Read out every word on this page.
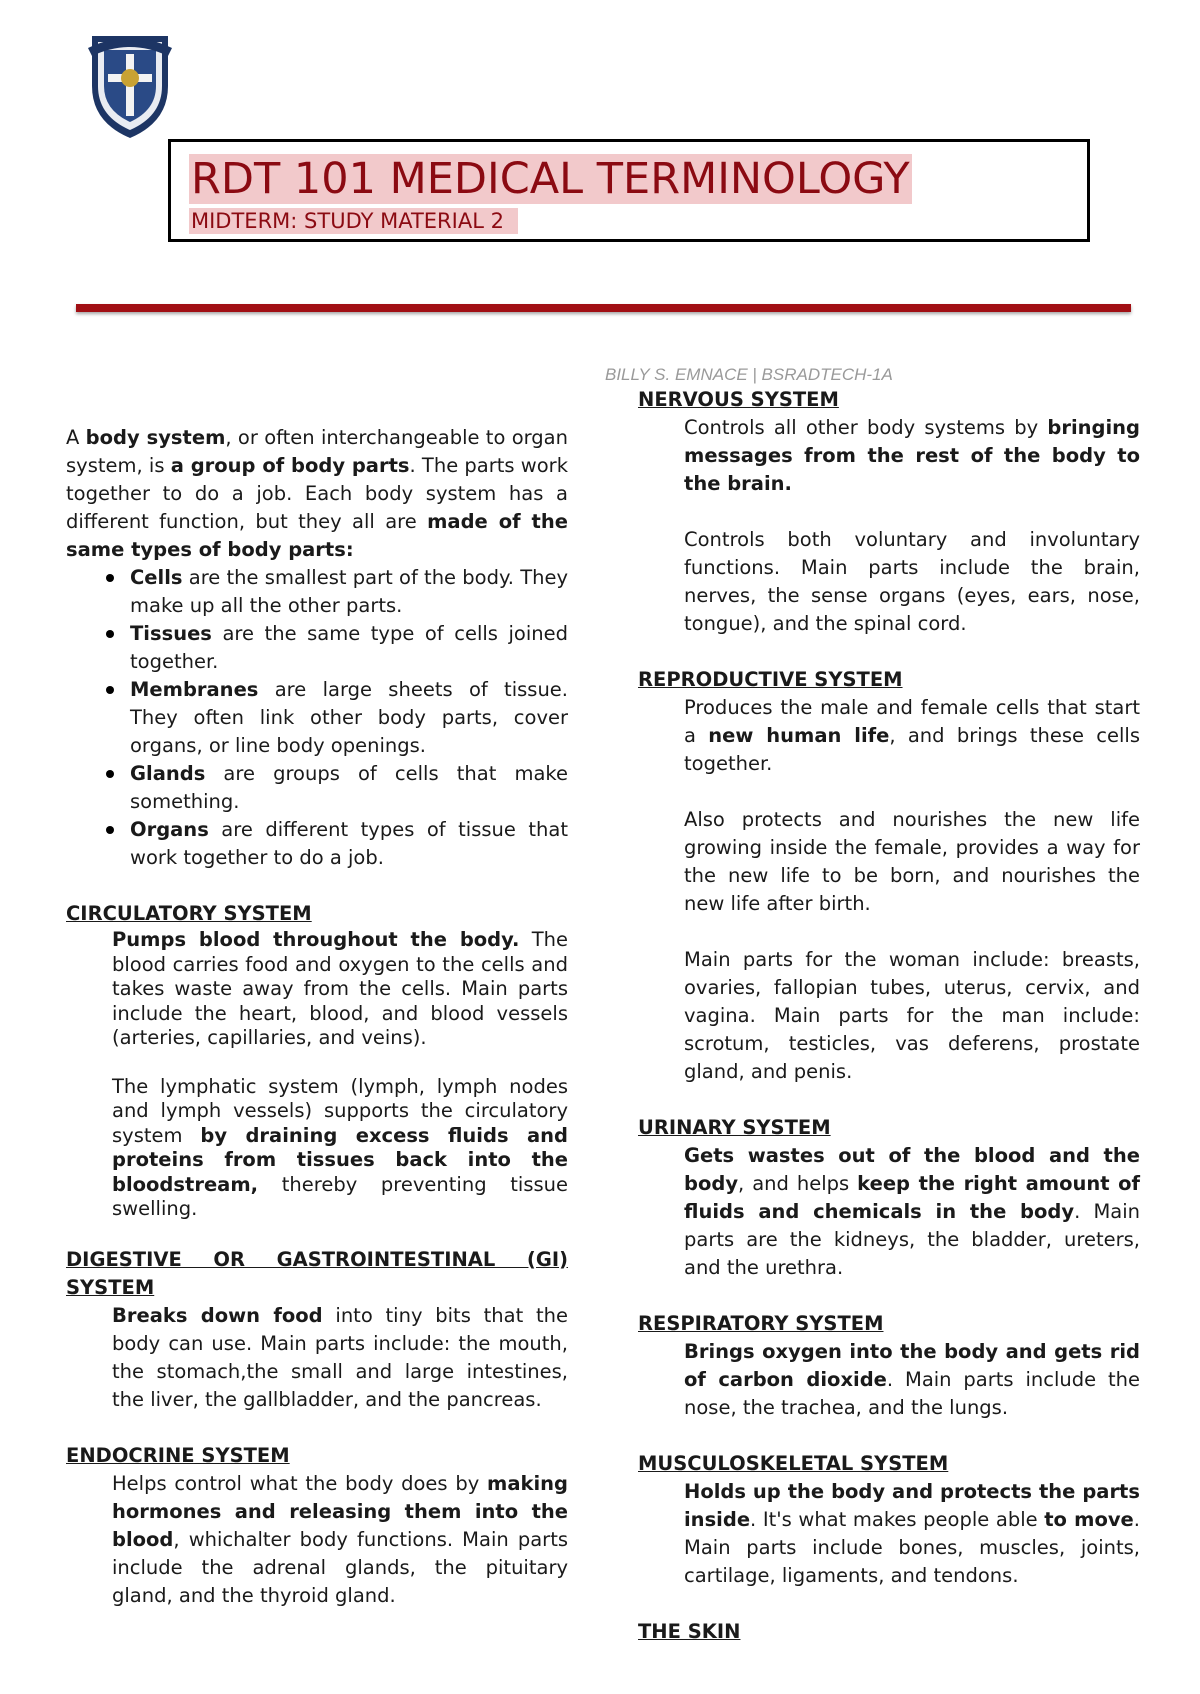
RDT 101 MEDICAL TERMINOLOGY
MIDTERM: STUDY MATERIAL 2
BILLY S. EMNACE | BSRADTECH-1A

A body system, or often interchangeable to organ system, is a group of body parts. The parts work together to do a job. Each body system has a different function, but they all are made of the same types of body parts:

Cells are the smallest part of the body. They make up all the other parts.
Tissues are the same type of cells joined together.
Membranes are large sheets of tissue. They often link other body parts, cover organs, or line body openings.
Glands are groups of cells that make something.
Organs are different types of tissue that work together to do a job.

CIRCULATORY SYSTEM

Pumps blood throughout the body. The blood carries food and oxygen to the cells and takes waste away from the cells. Main parts include the heart, blood, and blood vessels (arteries, capillaries, and veins).

The lymphatic system (lymph, lymph nodes and lymph vessels) supports the circulatory system by draining excess fluids and proteins from tissues back into the bloodstream, thereby preventing tissue swelling.

DIGESTIVE OR GASTROINTESTINAL (GI) SYSTEM

Breaks down food into tiny bits that the body can use. Main parts include: the mouth, the stomach,the small and large intestines, the liver, the gallbladder, and the pancreas.

ENDOCRINE SYSTEM

Helps control what the body does by making hormones and releasing them into the blood, whichalter body functions. Main parts include the adrenal glands, the pituitary gland, and the thyroid gland.

NERVOUS SYSTEM

Controls all other body systems by bringing messages from the rest of the body to the brain.

Controls both voluntary and involuntary functions. Main parts include the brain, nerves, the sense organs (eyes, ears, nose, tongue), and the spinal cord.

REPRODUCTIVE SYSTEM

Produces the male and female cells that start a new human life, and brings these cells together.

Also protects and nourishes the new life growing inside the female, provides a way for the new life to be born, and nourishes the new life after birth.

Main parts for the woman include: breasts, ovaries, fallopian tubes, uterus, cervix, and vagina. Main parts for the man include: scrotum, testicles, vas deferens, prostate gland, and penis.

URINARY SYSTEM

Gets wastes out of the blood and the body, and helps keep the right amount of fluids and chemicals in the body. Main parts are the kidneys, the bladder, ureters, and the urethra.

RESPIRATORY SYSTEM

Brings oxygen into the body and gets rid of carbon dioxide. Main parts include the nose, the trachea, and the lungs.

MUSCULOSKELETAL SYSTEM

Holds up the body and protects the parts inside. It's what makes people able to move. Main parts include bones, muscles, joints, cartilage, ligaments, and tendons.

THE SKIN
